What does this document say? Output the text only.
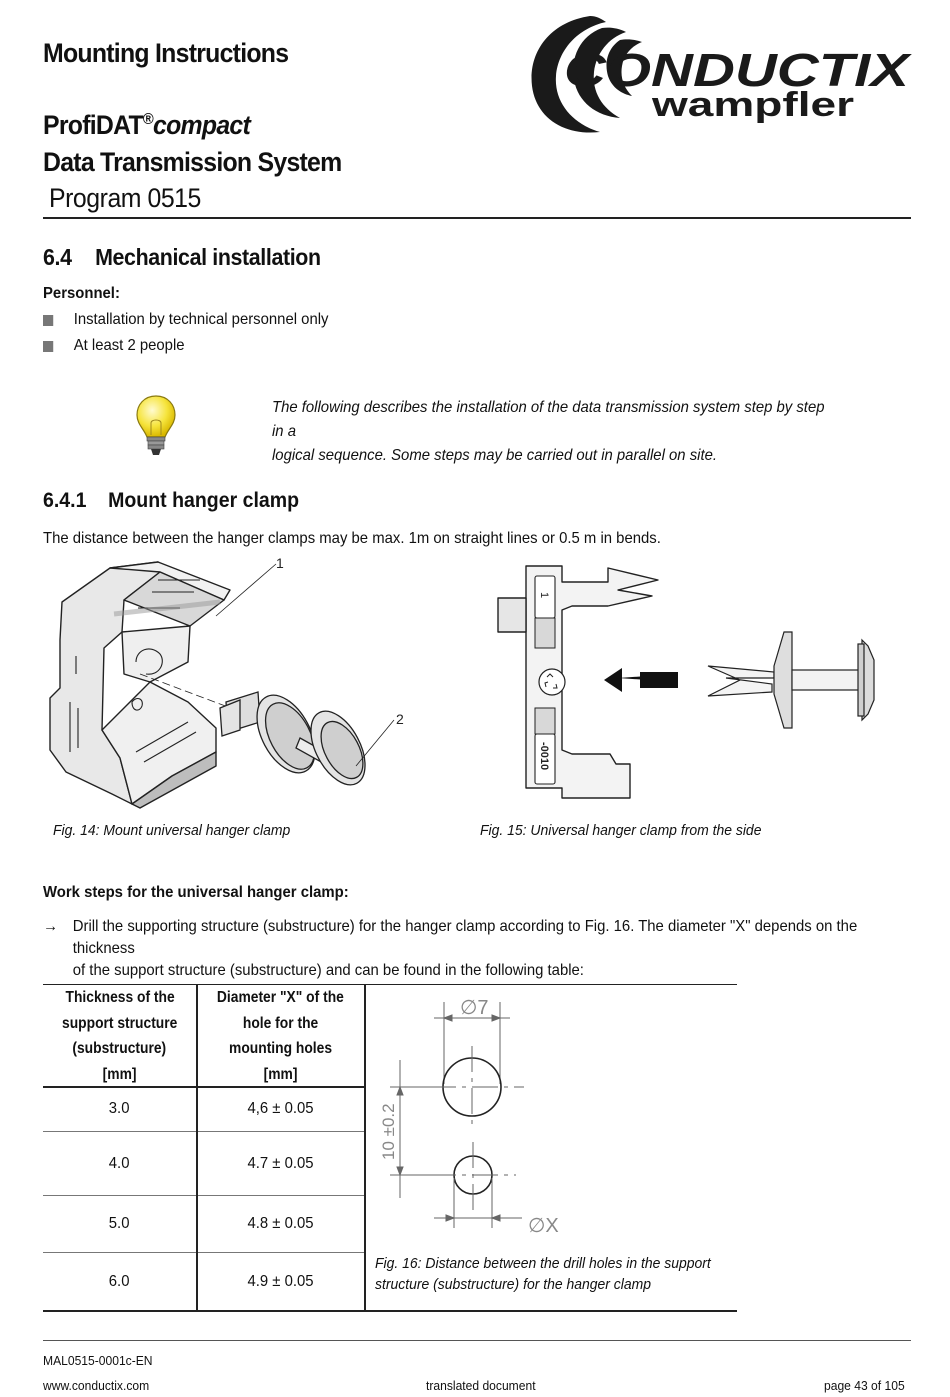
Mounting Instructions
ProfiDAT®compact
Data Transmission System
Program 0515
CONDUCTIX
wampfler
6.4 Mechanical installation
Personnel:
Installation by technical personnel only
At least 2 people
The following describes the installation of the data transmission system step by step in a
logical sequence. Some steps may be carried out in parallel on site.
6.4.1 Mount hanger clamp
The distance between the hanger clamps may be max. 1m on straight lines or 0.5 m in bends.
1
2
Fig. 14: Mount universal hanger clamp
1
-0010
Fig. 15: Universal hanger clamp from the side
Work steps for the universal hanger clamp:
→ Drill the supporting structure (substructure) for the hanger clamp according to Fig. 16. The diameter "X" depends on the thickness
of the support structure (substructure) and can be found in the following table:
Thickness of the
support structure
(substructure)
[mm]
Diameter "X" of the
hole for the
mounting holes
[mm]
3.0	4,6 ± 0.05
4.0	4.7 ± 0.05
5.0	4.8 ± 0.05
6.0	4.9 ± 0.05
∅7
10 ±0.2
∅X
Fig. 16: Distance between the drill holes in the support
structure (substructure) for the hanger clamp
MAL0515-0001c-EN
www.conductix.com	translated document	page 43 of 105
